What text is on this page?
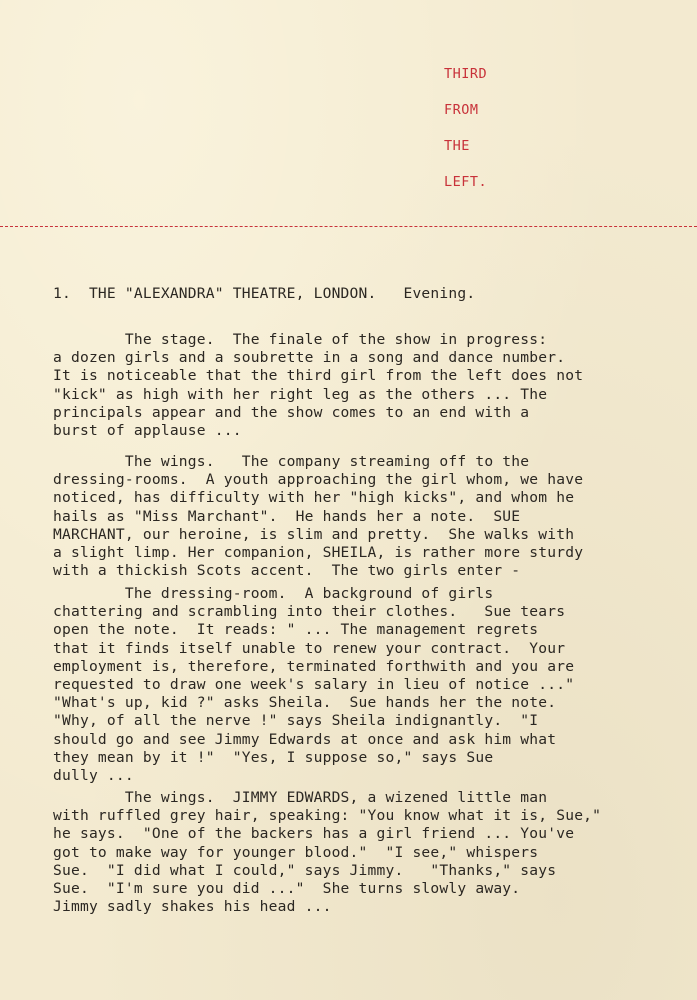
THIRD
FROM
THE
LEFT.
1.  THE "ALEXANDRA" THEATRE, LONDON.   Evening.
The stage.  The finale of the show in progress:
a dozen girls and a soubrette in a song and dance number.
It is noticeable that the third girl from the left does not
"kick" as high with her right leg as the others ... The
principals appear and the show comes to an end with a
burst of applause ...
The wings.   The company streaming off to the
dressing-rooms.  A youth approaching the girl whom, we have
noticed, has difficulty with her "high kicks", and whom he
hails as "Miss Marchant".  He hands her a note.  SUE
MARCHANT, our heroine, is slim and pretty.  She walks with
a slight limp. Her companion, SHEILA, is rather more sturdy
with a thickish Scots accent.  The two girls enter -
The dressing-room.  A background of girls
chattering and scrambling into their clothes.   Sue tears
open the note.  It reads: " ... The management regrets
that it finds itself unable to renew your contract.  Your
employment is, therefore, terminated forthwith and you are
requested to draw one week's salary in lieu of notice ..."
"What's up, kid ?" asks Sheila.  Sue hands her the note.
"Why, of all the nerve !" says Sheila indignantly.  "I
should go and see Jimmy Edwards at once and ask him what
they mean by it !"  "Yes, I suppose so," says Sue
dully ...
The wings.  JIMMY EDWARDS, a wizened little man
with ruffled grey hair, speaking: "You know what it is, Sue,"
he says.  "One of the backers has a girl friend ... You've
got to make way for younger blood."  "I see," whispers
Sue.  "I did what I could," says Jimmy.   "Thanks," says
Sue.  "I'm sure you did ..."  She turns slowly away.
Jimmy sadly shakes his head ...
